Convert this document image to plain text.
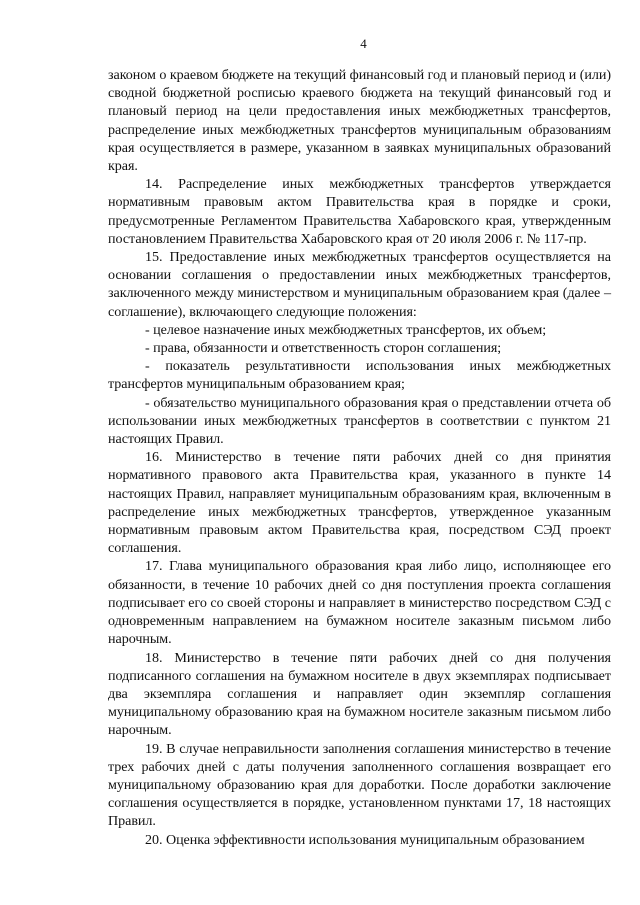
4

законом о краевом бюджете на текущий финансовый год и плановый период и (или) сводной бюджетной росписью краевого бюджета на текущий финансовый год и плановый период на цели предоставления иных межбюджетных трансфертов, распределение иных межбюджетных трансфертов муниципальным образованиям края осуществляется в размере, указанном в заявках муниципальных образований края.

14. Распределение иных межбюджетных трансфертов утверждается нормативным правовым актом Правительства края в порядке и сроки, предусмотренные Регламентом Правительства Хабаровского края, утвержденным постановлением Правительства Хабаровского края от 20 июля 2006 г. № 117-пр.

15. Предоставление иных межбюджетных трансфертов осуществляется на основании соглашения о предоставлении иных межбюджетных трансфертов, заключенного между министерством и муниципальным образованием края (далее – соглашение), включающего следующие положения:

- целевое назначение иных межбюджетных трансфертов, их объем;

- права, обязанности и ответственность сторон соглашения;

- показатель результативности использования иных межбюджетных трансфертов муниципальным образованием края;

- обязательство муниципального образования края о представлении отчета об использовании иных межбюджетных трансфертов в соответствии с пунктом 21 настоящих Правил.

16. Министерство в течение пяти рабочих дней со дня принятия нормативного правового акта Правительства края, указанного в пункте 14 настоящих Правил, направляет муниципальным образованиям края, включенным в распределение иных межбюджетных трансфертов, утвержденное указанным нормативным правовым актом Правительства края, посредством СЭД проект соглашения.

17. Глава муниципального образования края либо лицо, исполняющее его обязанности, в течение 10 рабочих дней со дня поступления проекта соглашения подписывает его со своей стороны и направляет в министерство посредством СЭД с одновременным направлением на бумажном носителе заказным письмом либо нарочным.

18. Министерство в течение пяти рабочих дней со дня получения подписанного соглашения на бумажном носителе в двух экземплярах подписывает два экземпляра соглашения и направляет один экземпляр соглашения муниципальному образованию края на бумажном носителе заказным письмом либо нарочным.

19. В случае неправильности заполнения соглашения министерство в течение трех рабочих дней с даты получения заполненного соглашения возвращает его муниципальному образованию края для доработки. После доработки заключение соглашения осуществляется в порядке, установленном пунктами 17, 18 настоящих Правил.

20. Оценка эффективности использования муниципальным образованием
